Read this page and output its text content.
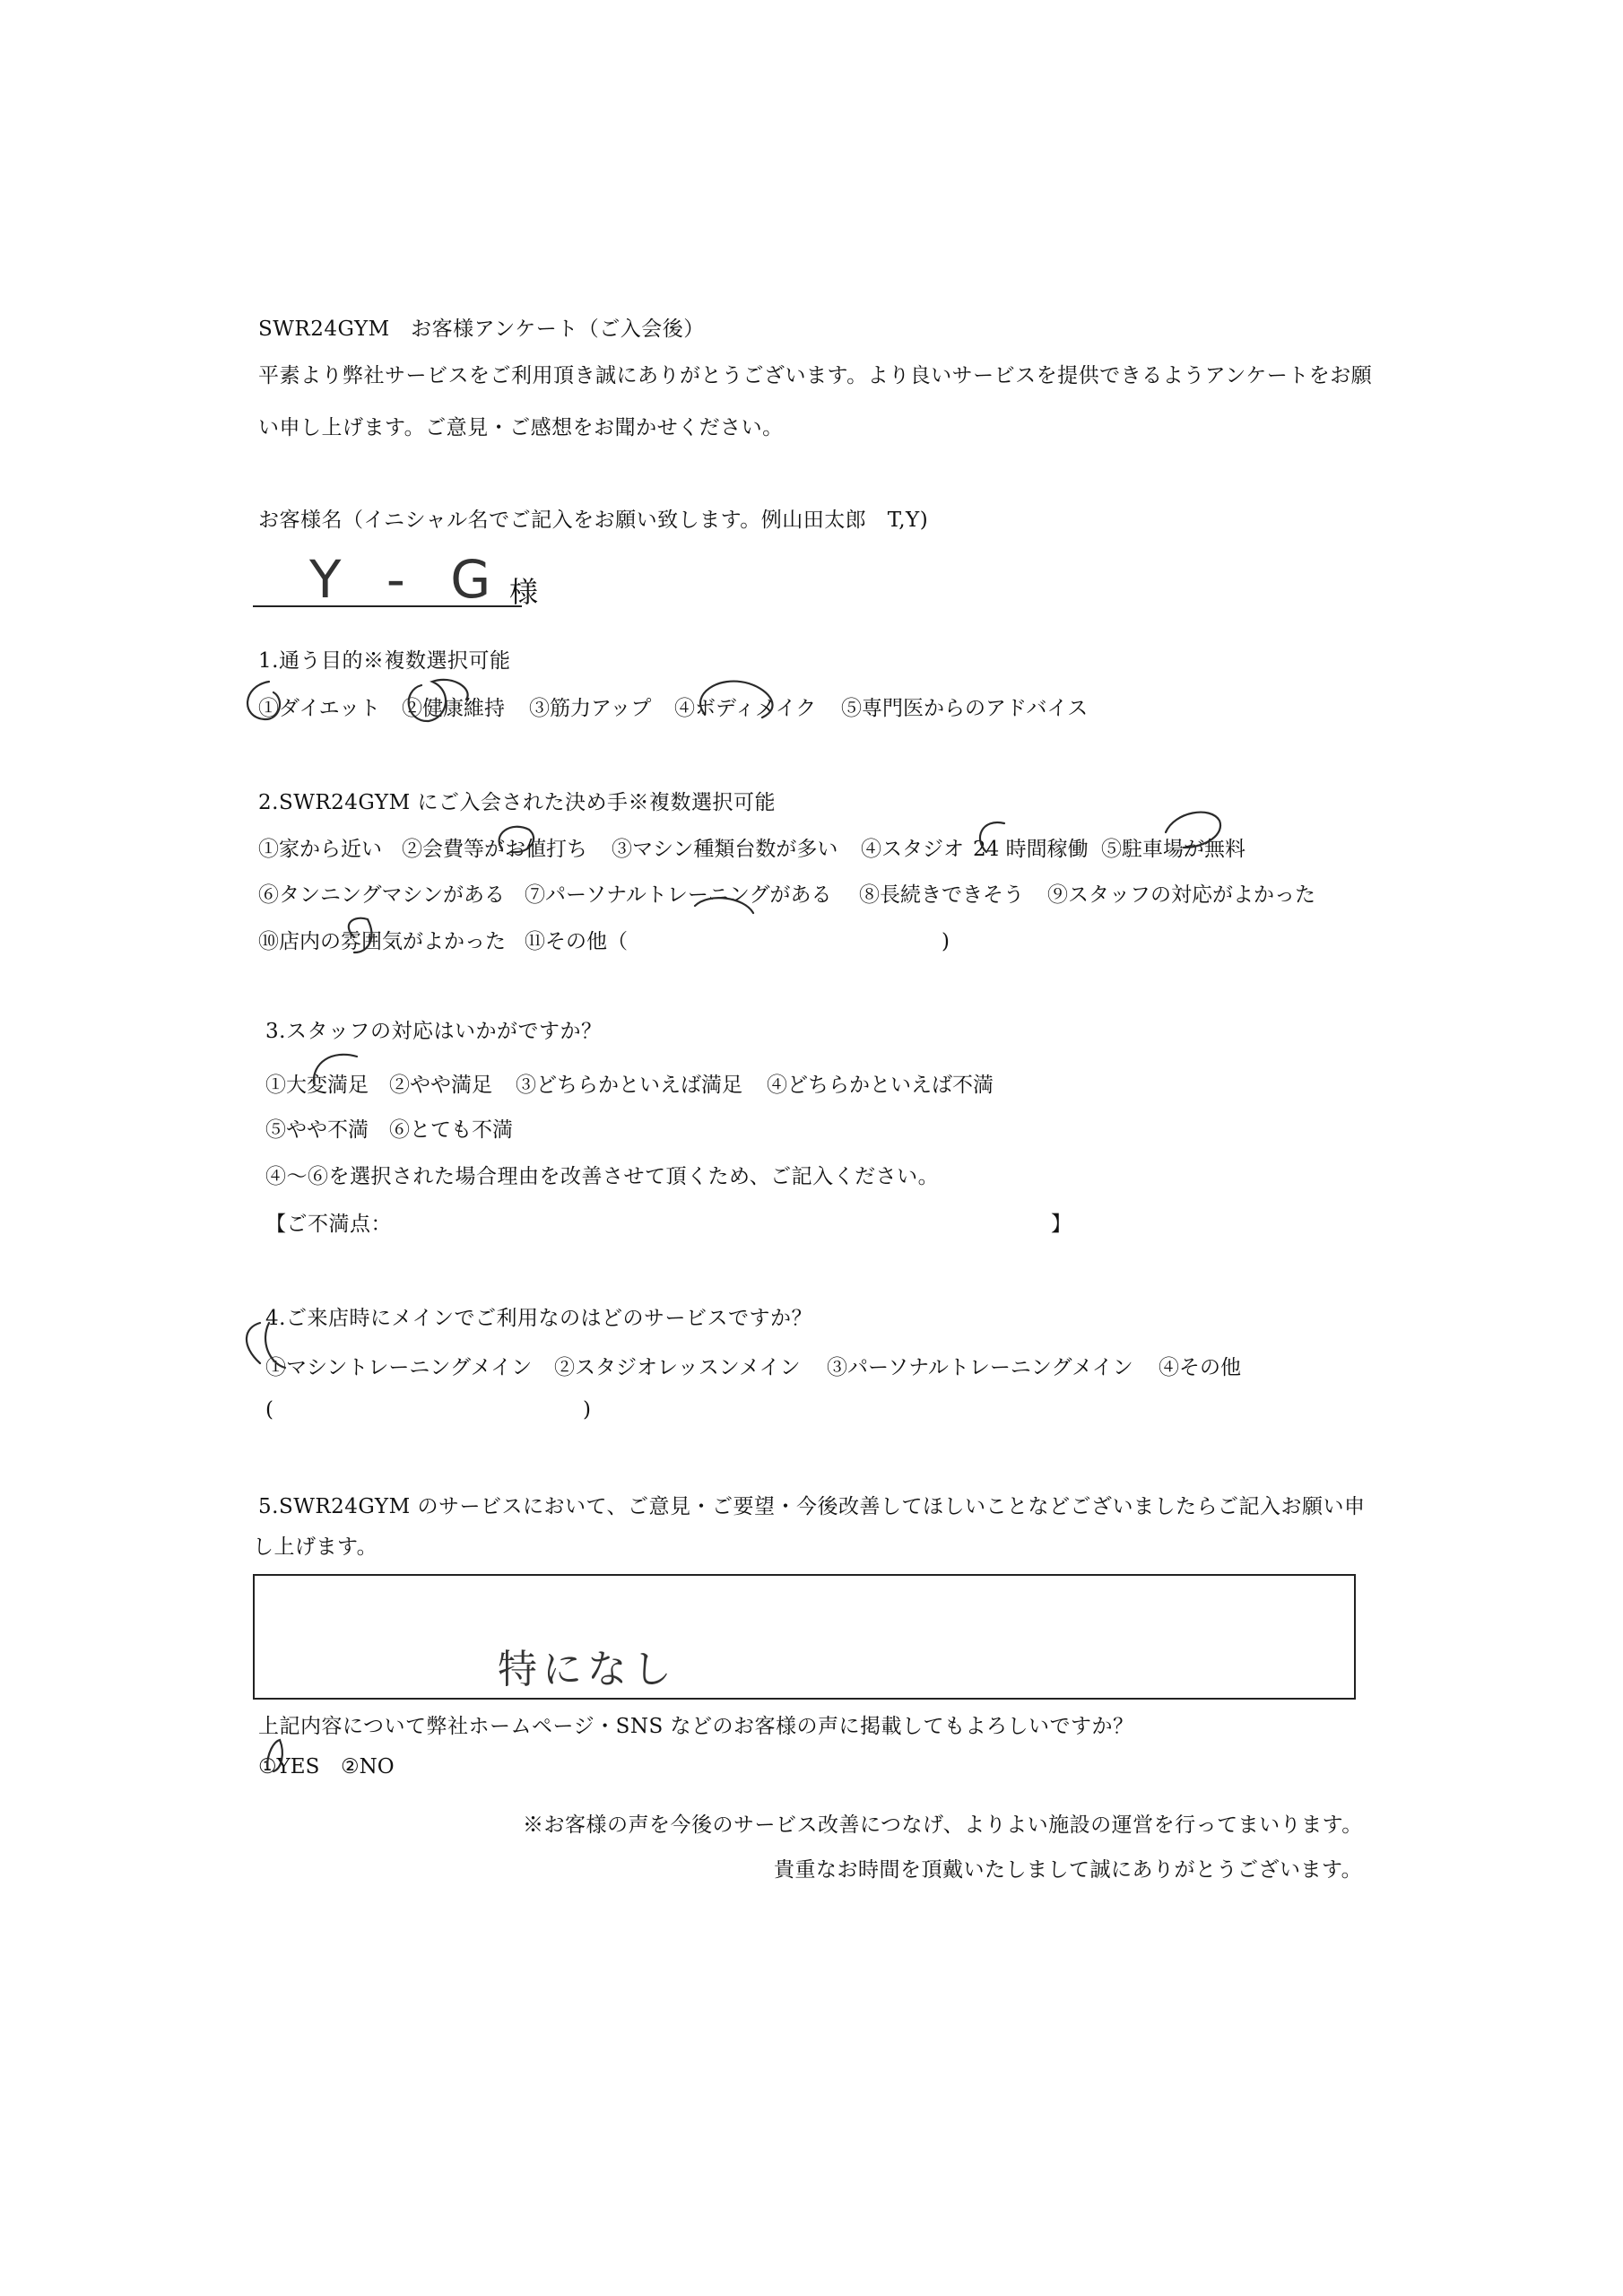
SWR24GYM　お客様アンケート（ご入会後）
平素より弊社サービスをご利用頂き誠にありがとうございます。より良いサービスを提供できるようアンケートをお願
い申し上げます。ご意見・ご感想をお聞かせください。
お客様名（イニシャル名でご記入をお願い致します。例山田太郎　T,Y)
Y - G 様
1.通う目的※複数選択可能
①ダイエット ②健康維持 ③筋力アップ ④ボディメイク ⑤専門医からのアドバイス
2.SWR24GYM にご入会された決め手※複数選択可能
①家から近い ②会費等がお値打ち ③マシン種類台数が多い ④スタジオ 24 時間稼働 ⑤駐車場が無料
⑥タンニングマシンがある ⑦パーソナルトレーニングがある ⑧長続きできそう ⑨スタッフの対応がよかった
⑩店内の雰囲気がよかった ⑪その他（	)
3.スタッフの対応はいかがですか？
①大変満足 ②やや満足 ③どちらかといえば満足 ④どちらかといえば不満
⑤やや不満 ⑥とても不満
④～⑥を選択された場合理由を改善させて頂くため、ご記入ください。
【ご不満点：	】
4.ご来店時にメインでご利用なのはどのサービスですか？
①マシントレーニングメイン ②スタジオレッスンメイン ③パーソナルトレーニングメイン ④その他
(	)
5.SWR24GYM のサービスにおいて、ご意見・ご要望・今後改善してほしいことなどございましたらご記入お願い申
し上げます。
特になし
上記内容について弊社ホームページ・SNS などのお客様の声に掲載してもよろしいですか？
①YES ②NO
※お客様の声を今後のサービス改善につなげ、よりよい施設の運営を行ってまいります。
貴重なお時間を頂戴いたしまして誠にありがとうございます。
